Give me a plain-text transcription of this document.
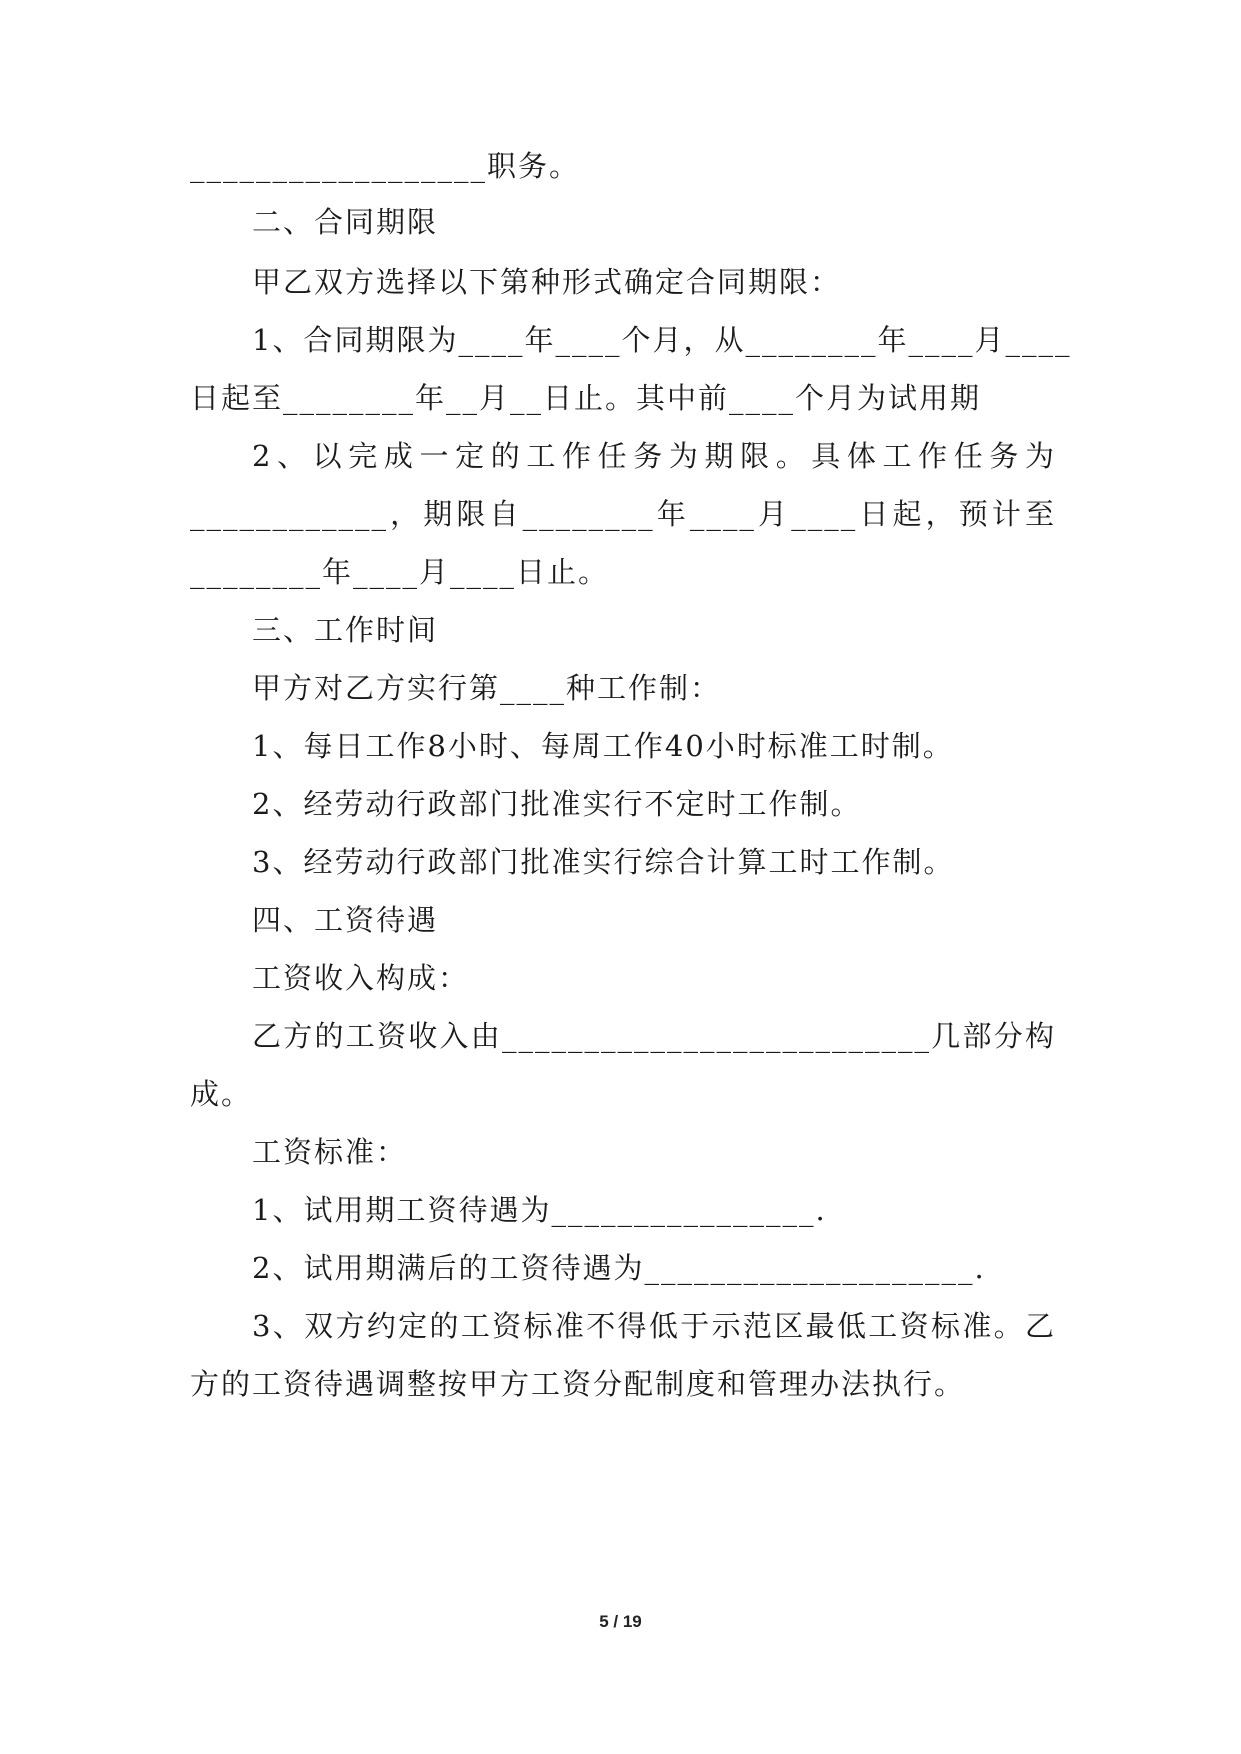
__________________职务。
二、合同期限
甲乙双方选择以下第种形式确定合同期限：
1、合同期限为____年____个月，从________年____月____
日起至________年__月__日止。其中前____个月为试用期
2、以完成一定的工作任务为期限。具体工作任务为
____________，期限自________年____月____日起，预计至
________年____月____日止。
三、工作时间
甲方对乙方实行第____种工作制：
1、每日工作8小时、每周工作40小时标准工时制。
2、经劳动行政部门批准实行不定时工作制。
3、经劳动行政部门批准实行综合计算工时工作制。
四、工资待遇
工资收入构成：
乙方的工资收入由__________________________几部分构
成。
工资标准：
1、试用期工资待遇为________________.
2、试用期满后的工资待遇为____________________.
3、双方约定的工资标准不得低于示范区最低工资标准。乙
方的工资待遇调整按甲方工资分配制度和管理办法执行。
5 / 19
